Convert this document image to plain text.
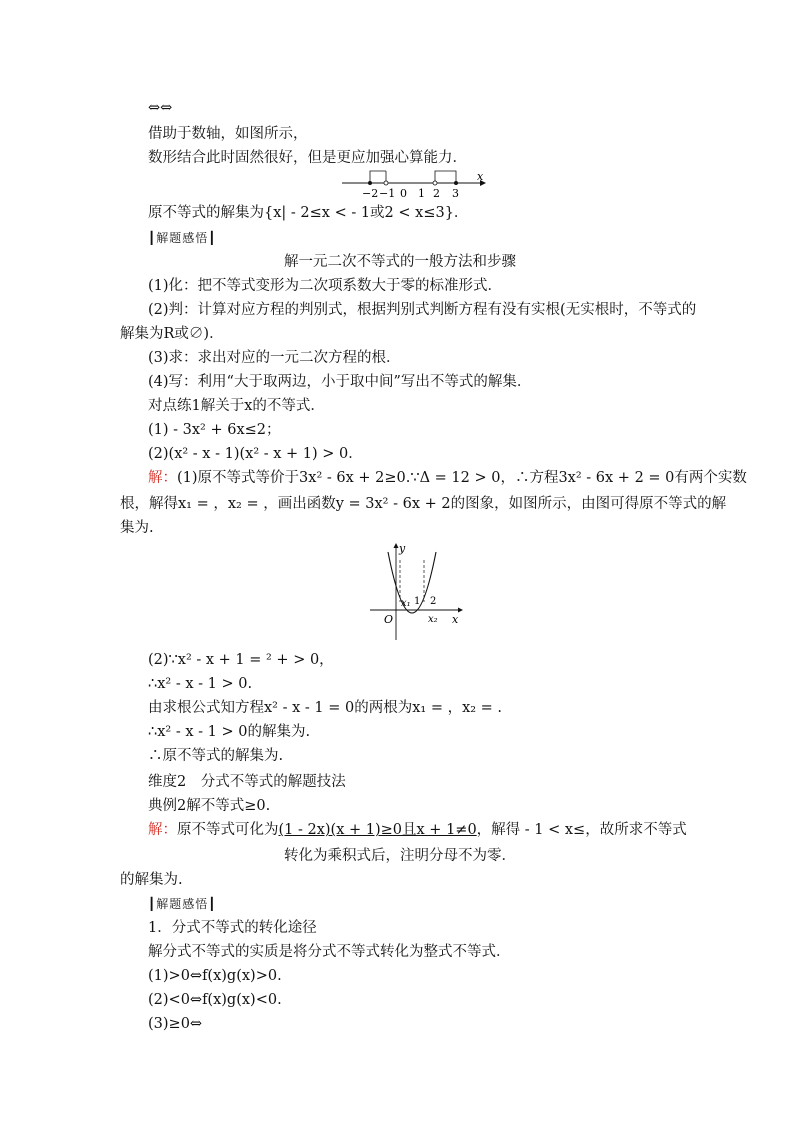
⇔⇔
借助于数轴，如图所示，
数形结合此时固然很好，但是更应加强心算能力．
−2 −1 0 1 2 3
x
原不等式的解集为{x| - 2≤x < - 1或2 < x≤3}．
┃解题感悟┃
解一元二次不等式的一般方法和步骤
(1)化：把不等式变形为二次项系数大于零的标准形式．
(2)判：计算对应方程的判别式，根据判别式判断方程有没有实根(无实根时，不等式的
解集为R或∅)．
(3)求：求出对应的一元二次方程的根．
(4)写：利用“大于取两边，小于取中间”写出不等式的解集．
对点练1解关于x的不等式．
(1) - 3x² + 6x≤2；
(2)(x² - x - 1)(x² - x + 1) > 0．
解：(1)原不等式等价于3x² - 6x + 2≥0.∵Δ = 12 > 0，∴方程3x² - 6x + 2 = 0有两个实数
根，解得x₁ = ，x₂ = ，画出函数y = 3x² - 6x + 2的图象，如图所示，由图可得原不等式的解
集为.
y
x
O
x₁ 1 2
x₂
(2)∵x² - x + 1 = ² + > 0，
∴x² - x - 1 > 0.
由求根公式知方程x² - x - 1 = 0的两根为x₁ = ，x₂ = .
∴x² - x - 1 > 0的解集为.
∴原不等式的解集为.
维度2　分式不等式的解题技法
典例2解不等式≥0.
解：原不等式可化为(1 - 2x)(x + 1)≥0且x + 1≠0，解得 - 1 < x≤，故所求不等式
转化为乘积式后，注明分母不为零．
的解集为.
┃解题感悟┃
1．分式不等式的转化途径
解分式不等式的实质是将分式不等式转化为整式不等式．
(1)>0⇔f(x)g(x)>0.
(2)<0⇔f(x)g(x)<0.
(3)≥0⇔
